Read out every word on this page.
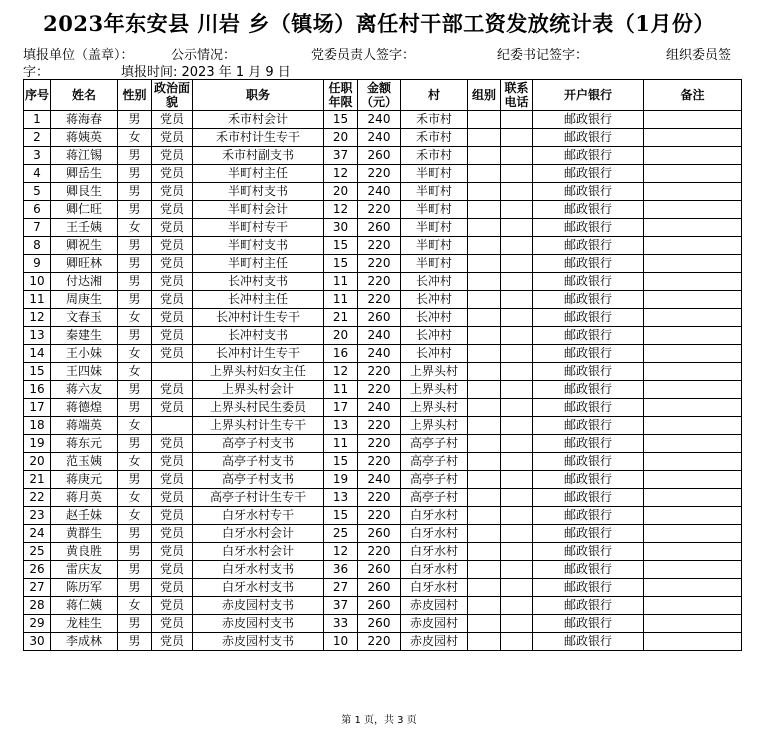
2023年东安县 川岩 乡（镇场）离任村干部工资发放统计表（1月份）
填报单位（盖章）：	公示情况：	党委员责人签字：	纪委书记签字：	组织委员签
字：	填报时间: 2023 年 1 月 9 日
序号	姓名	性别	政治面貌	职务	任职年限	金额（元）	村	组别	联系电话	开户银行	备注
1	蒋海春	男	党员	禾市村会计	15	240	禾市村			邮政银行	
2	蒋姨英	女	党员	禾市村计生专干	20	240	禾市村			邮政银行	
3	蒋江锡	男	党员	禾市村副支书	37	260	禾市村			邮政银行	
4	卿岳生	男	党员	半町村主任	12	220	半町村			邮政银行	
5	卿艮生	男	党员	半町村支书	20	240	半町村			邮政银行	
6	卿仁旺	男	党员	半町村会计	12	220	半町村			邮政银行	
7	王壬姨	女	党员	半町村专干	30	260	半町村			邮政银行	
8	卿祝生	男	党员	半町村支书	15	220	半町村			邮政银行	
9	卿旺林	男	党员	半町村主任	15	220	半町村			邮政银行	
10	付达湘	男	党员	长冲村支书	11	220	长冲村			邮政银行	
11	周庚生	男	党员	长冲村主任	11	220	长冲村			邮政银行	
12	文春玉	女	党员	长冲村计生专干	21	260	长冲村			邮政银行	
13	秦建生	男	党员	长冲村支书	20	240	长冲村			邮政银行	
14	王小妹	女	党员	长冲村计生专干	16	240	长冲村			邮政银行	
15	王四妹	女		上界头村妇女主任	12	220	上界头村			邮政银行	
16	蒋六友	男	党员	上界头村会计	11	220	上界头村			邮政银行	
17	蒋德煌	男	党员	上界头村民生委员	17	240	上界头村			邮政银行	
18	蒋端英	女		上界头村计生专干	13	220	上界头村			邮政银行	
19	蒋东元	男	党员	高亭子村支书	11	220	高亭子村			邮政银行	
20	范玉姨	女	党员	高亭子村支书	15	220	高亭子村			邮政银行	
21	蒋庚元	男	党员	高亭子村支书	19	240	高亭子村			邮政银行	
22	蒋月英	女	党员	高亭子村计生专干	13	220	高亭子村			邮政银行	
23	赵壬妹	女	党员	白牙水村专干	15	220	白牙水村			邮政银行	
24	黄群生	男	党员	白牙水村会计	25	260	白牙水村			邮政银行	
25	黄良胜	男	党员	白牙水村会计	12	220	白牙水村			邮政银行	
26	雷庆友	男	党员	白牙水村支书	36	260	白牙水村			邮政银行	
27	陈历军	男	党员	白牙水村支书	27	260	白牙水村			邮政银行	
28	蒋仁姨	女	党员	赤皮园村支书	37	260	赤皮园村			邮政银行	
29	龙桂生	男	党员	赤皮园村支书	33	260	赤皮园村			邮政银行	
30	李成林	男	党员	赤皮园村支书	10	220	赤皮园村			邮政银行	
第 1 页，共 3 页
